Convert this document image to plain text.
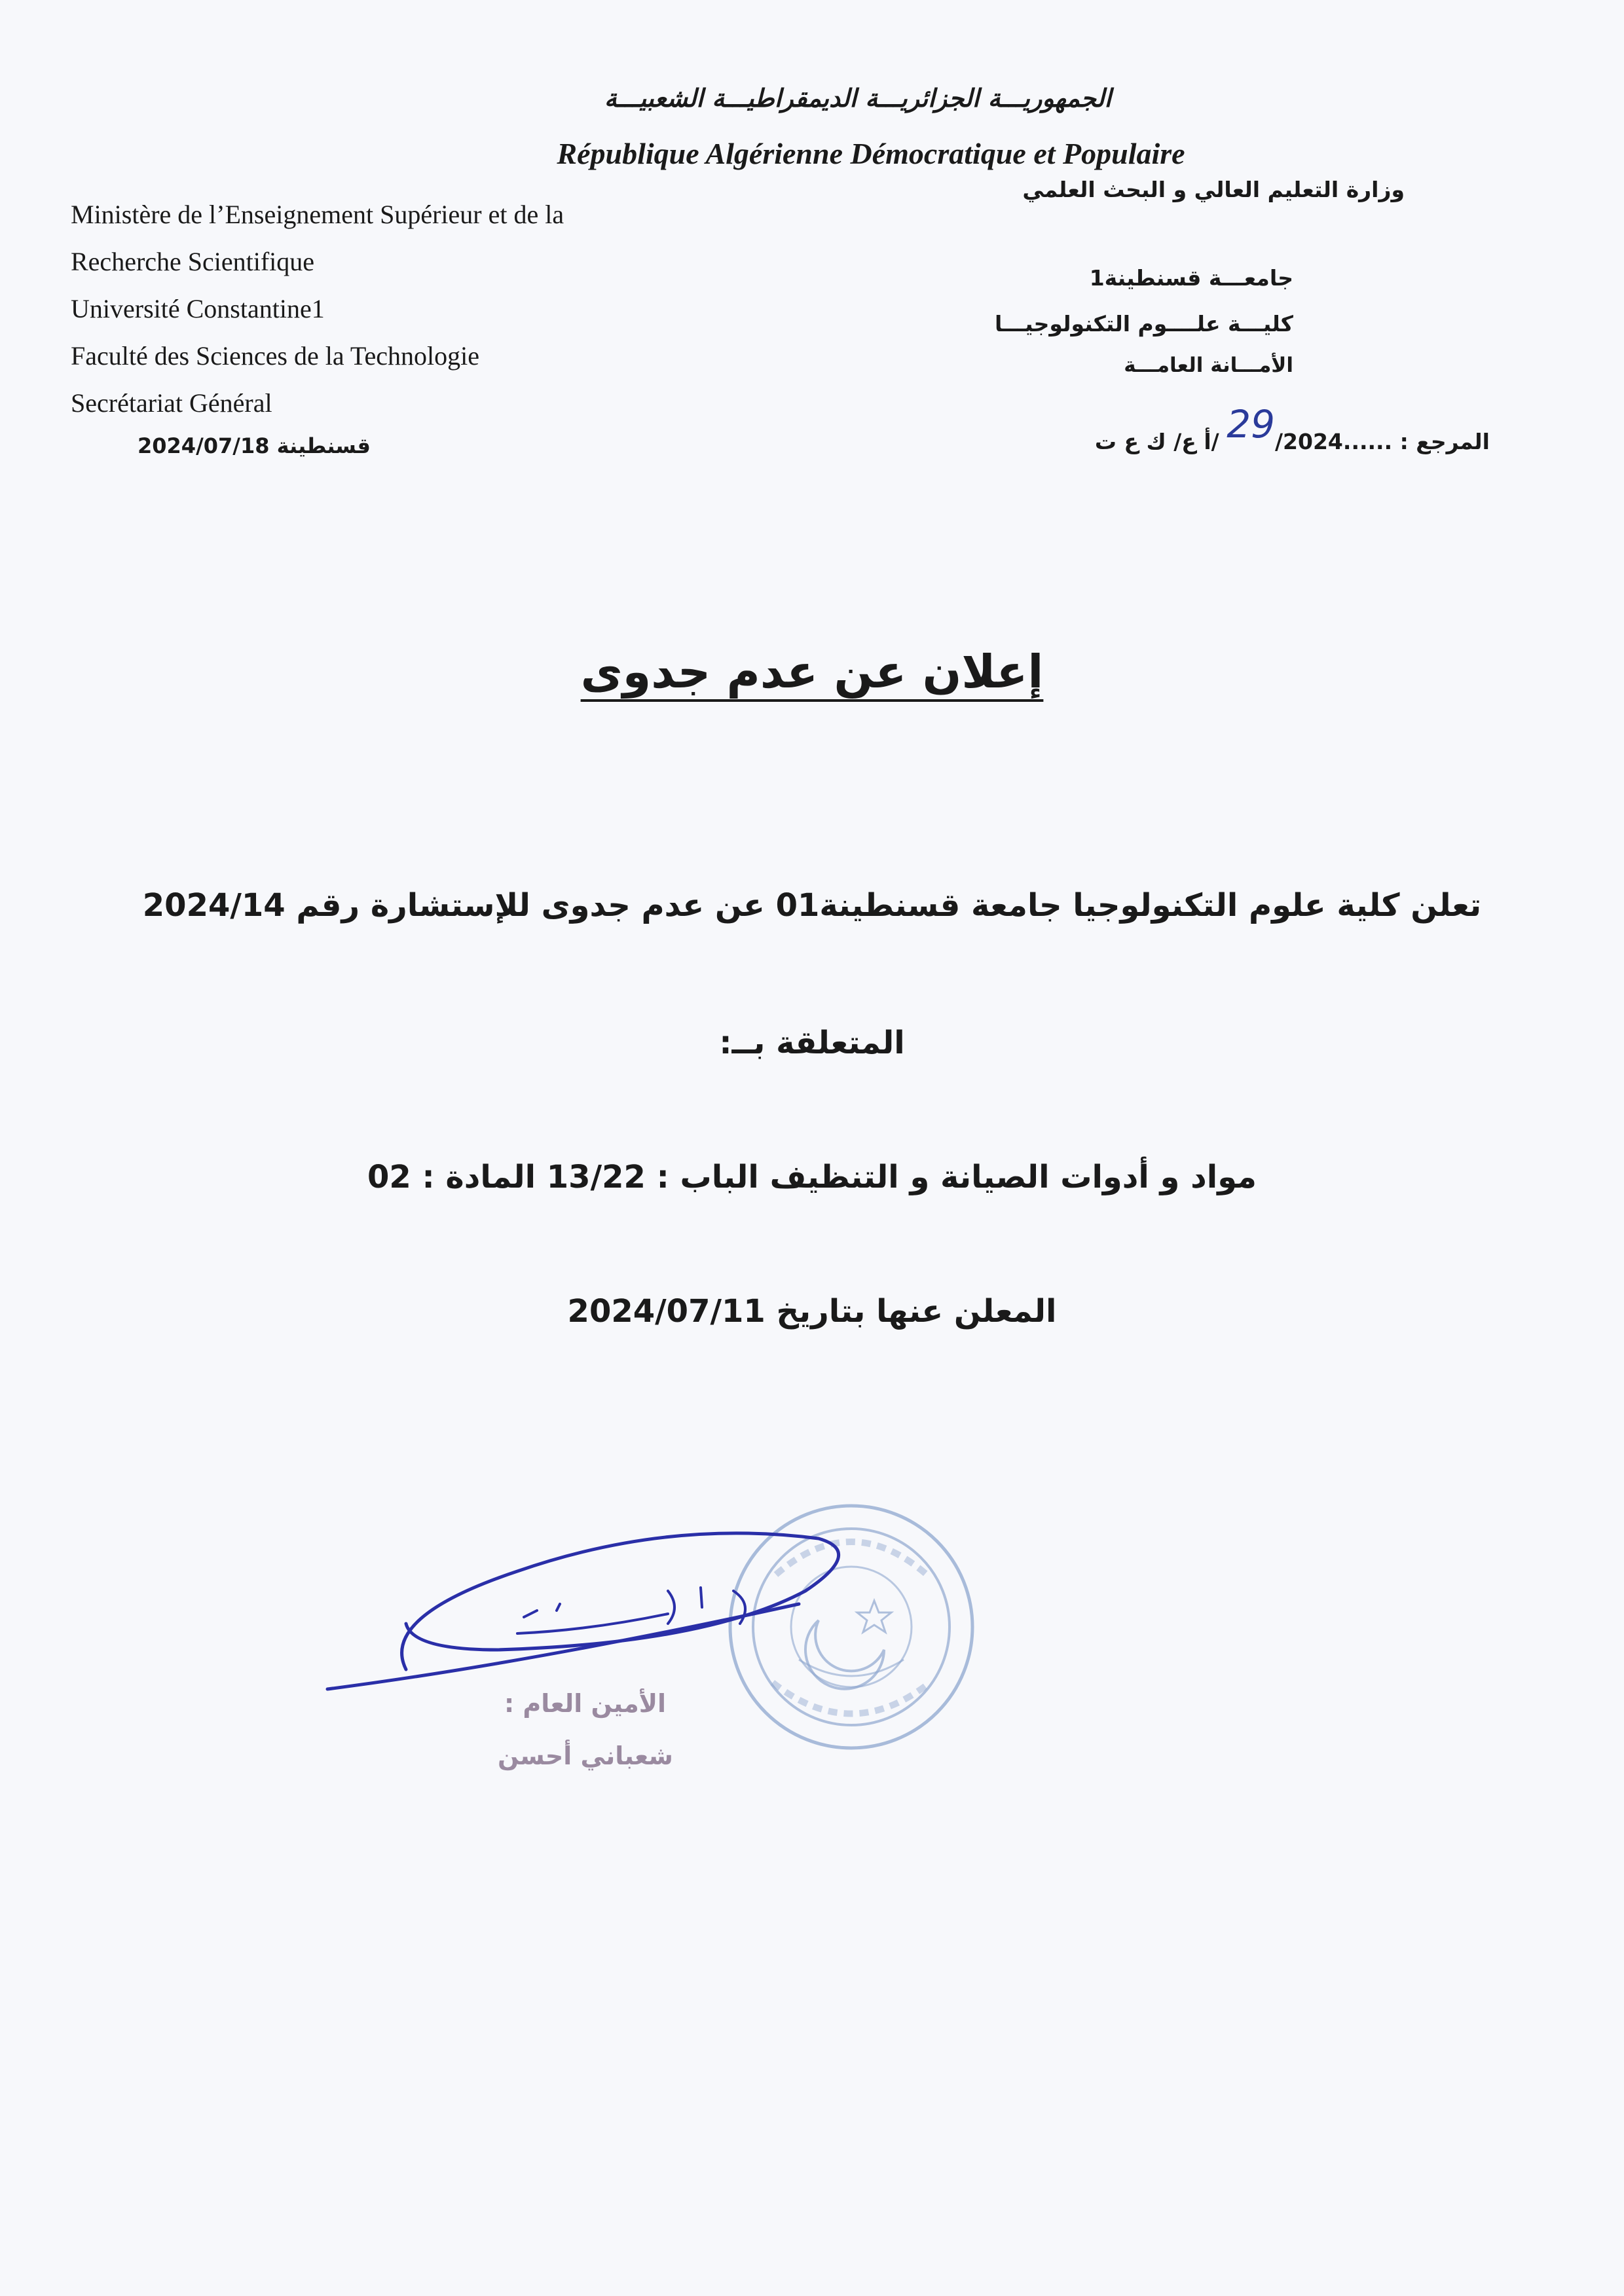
الجمهوريـــة الجزائريـــة الديمقراطيـــة الشعبيـــة
République Algérienne Démocratique et Populaire
Ministère de l’Enseignement Supérieur et de la
Recherche Scientifique
Université Constantine1
Faculté des Sciences de la Technologie
Secrétariat Général
وزارة التعليم العالي و البحث العلمي
جامعـــة قسنطينة1
كليـــة علــــوم التكنولوجيـــا
الأمـــانة العامـــة
المرجع : ......29/2024 /أ ع/ ك ع ت
قسنطينة 2024/07/18
إعلان عن عدم جدوى
تعلن كلية علوم التكنولوجيا جامعة قسنطينة01 عن عدم جدوى للإستشارة رقم 2024/14
المتعلقة بــ:
مواد و أدوات الصيانة و التنظيف الباب : 13/22 المادة : 02
المعلن عنها بتاريخ 2024/07/11
الأمين العام :
شعباني أحسن
